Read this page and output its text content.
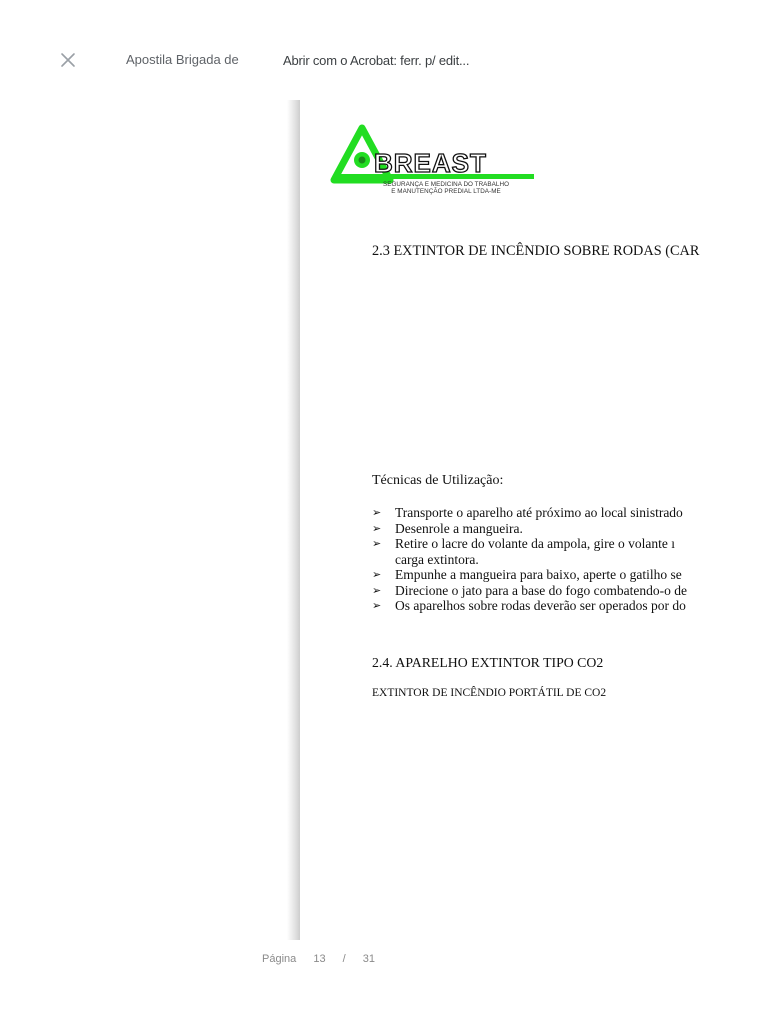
Apostila Brigada de	Abrir com o Acrobat: ferr. p/ edit...
BREAST
SEGURANÇA E MEDICINA DO TRABALHO
E MANUTENÇÃO PREDIAL LTDA-ME
2.3 EXTINTOR DE INCÊNDIO SOBRE RODAS (CAR
Técnicas de Utilização:
➢ Transporte o aparelho até próximo ao local sinistrado
➢ Desenrole a mangueira.
➢ Retire o lacre do volante da ampola, gire o volante ı
carga extintora.
➢ Empunhe a mangueira para baixo, aperte o gatilho se
➢ Direcione o jato para a base do fogo combatendo-o de
➢ Os aparelhos sobre rodas deverão ser operados por do
2.4. APARELHO EXTINTOR TIPO CO2
EXTINTOR DE INCÊNDIO PORTÁTIL DE CO2
Página 13 / 31
